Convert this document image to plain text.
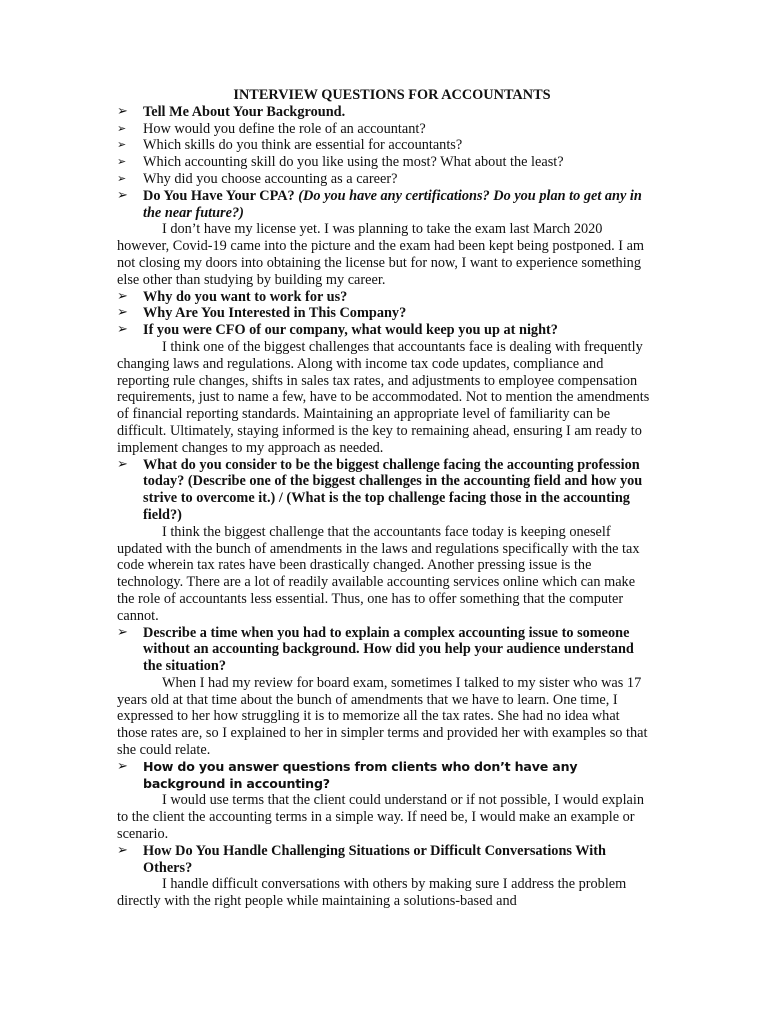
INTERVIEW QUESTIONS FOR ACCOUNTANTS
➢	Tell Me About Your Background.
➢	How would you define the role of an accountant?
➢	Which skills do you think are essential for accountants?
➢	Which accounting skill do you like using the most? What about the least?
➢	Why did you choose accounting as a career?
➢	Do You Have Your CPA? (Do you have any certifications? Do you plan to get any in the near future?)
I don’t have my license yet. I was planning to take the exam last March 2020 however, Covid-19 came into the picture and the exam had been kept being postponed. I am not closing my doors into obtaining the license but for now, I want to experience something else other than studying by building my career.
➢	Why do you want to work for us?
➢	Why Are You Interested in This Company?
➢	If you were CFO of our company, what would keep you up at night?
I think one of the biggest challenges that accountants face is dealing with frequently changing laws and regulations. Along with income tax code updates, compliance and reporting rule changes, shifts in sales tax rates, and adjustments to employee compensation requirements, just to name a few, have to be accommodated. Not to mention the amendments of financial reporting standards. Maintaining an appropriate level of familiarity can be difficult. Ultimately, staying informed is the key to remaining ahead, ensuring I am ready to implement changes to my approach as needed.
➢	What do you consider to be the biggest challenge facing the accounting profession today? (Describe one of the biggest challenges in the accounting field and how you strive to overcome it.) / (What is the top challenge facing those in the accounting field?)
I think the biggest challenge that the accountants face today is keeping oneself updated with the bunch of amendments in the laws and regulations specifically with the tax code wherein tax rates have been drastically changed. Another pressing issue is the technology. There are a lot of readily available accounting services online which can make the role of accountants less essential. Thus, one has to offer something that the computer cannot.
➢	Describe a time when you had to explain a complex accounting issue to someone without an accounting background. How did you help your audience understand the situation?
When I had my review for board exam, sometimes I talked to my sister who was 17 years old at that time about the bunch of amendments that we have to learn. One time, I expressed to her how struggling it is to memorize all the tax rates. She had no idea what those rates are, so I explained to her in simpler terms and provided her with examples so that she could relate.
➢	How do you answer questions from clients who don’t have any background in accounting?
I would use terms that the client could understand or if not possible, I would explain to the client the accounting terms in a simple way. If need be, I would make an example or scenario.
➢	How Do You Handle Challenging Situations or Difficult Conversations With Others?
I handle difficult conversations with others by making sure I address the problem directly with the right people while maintaining a solutions-based and
